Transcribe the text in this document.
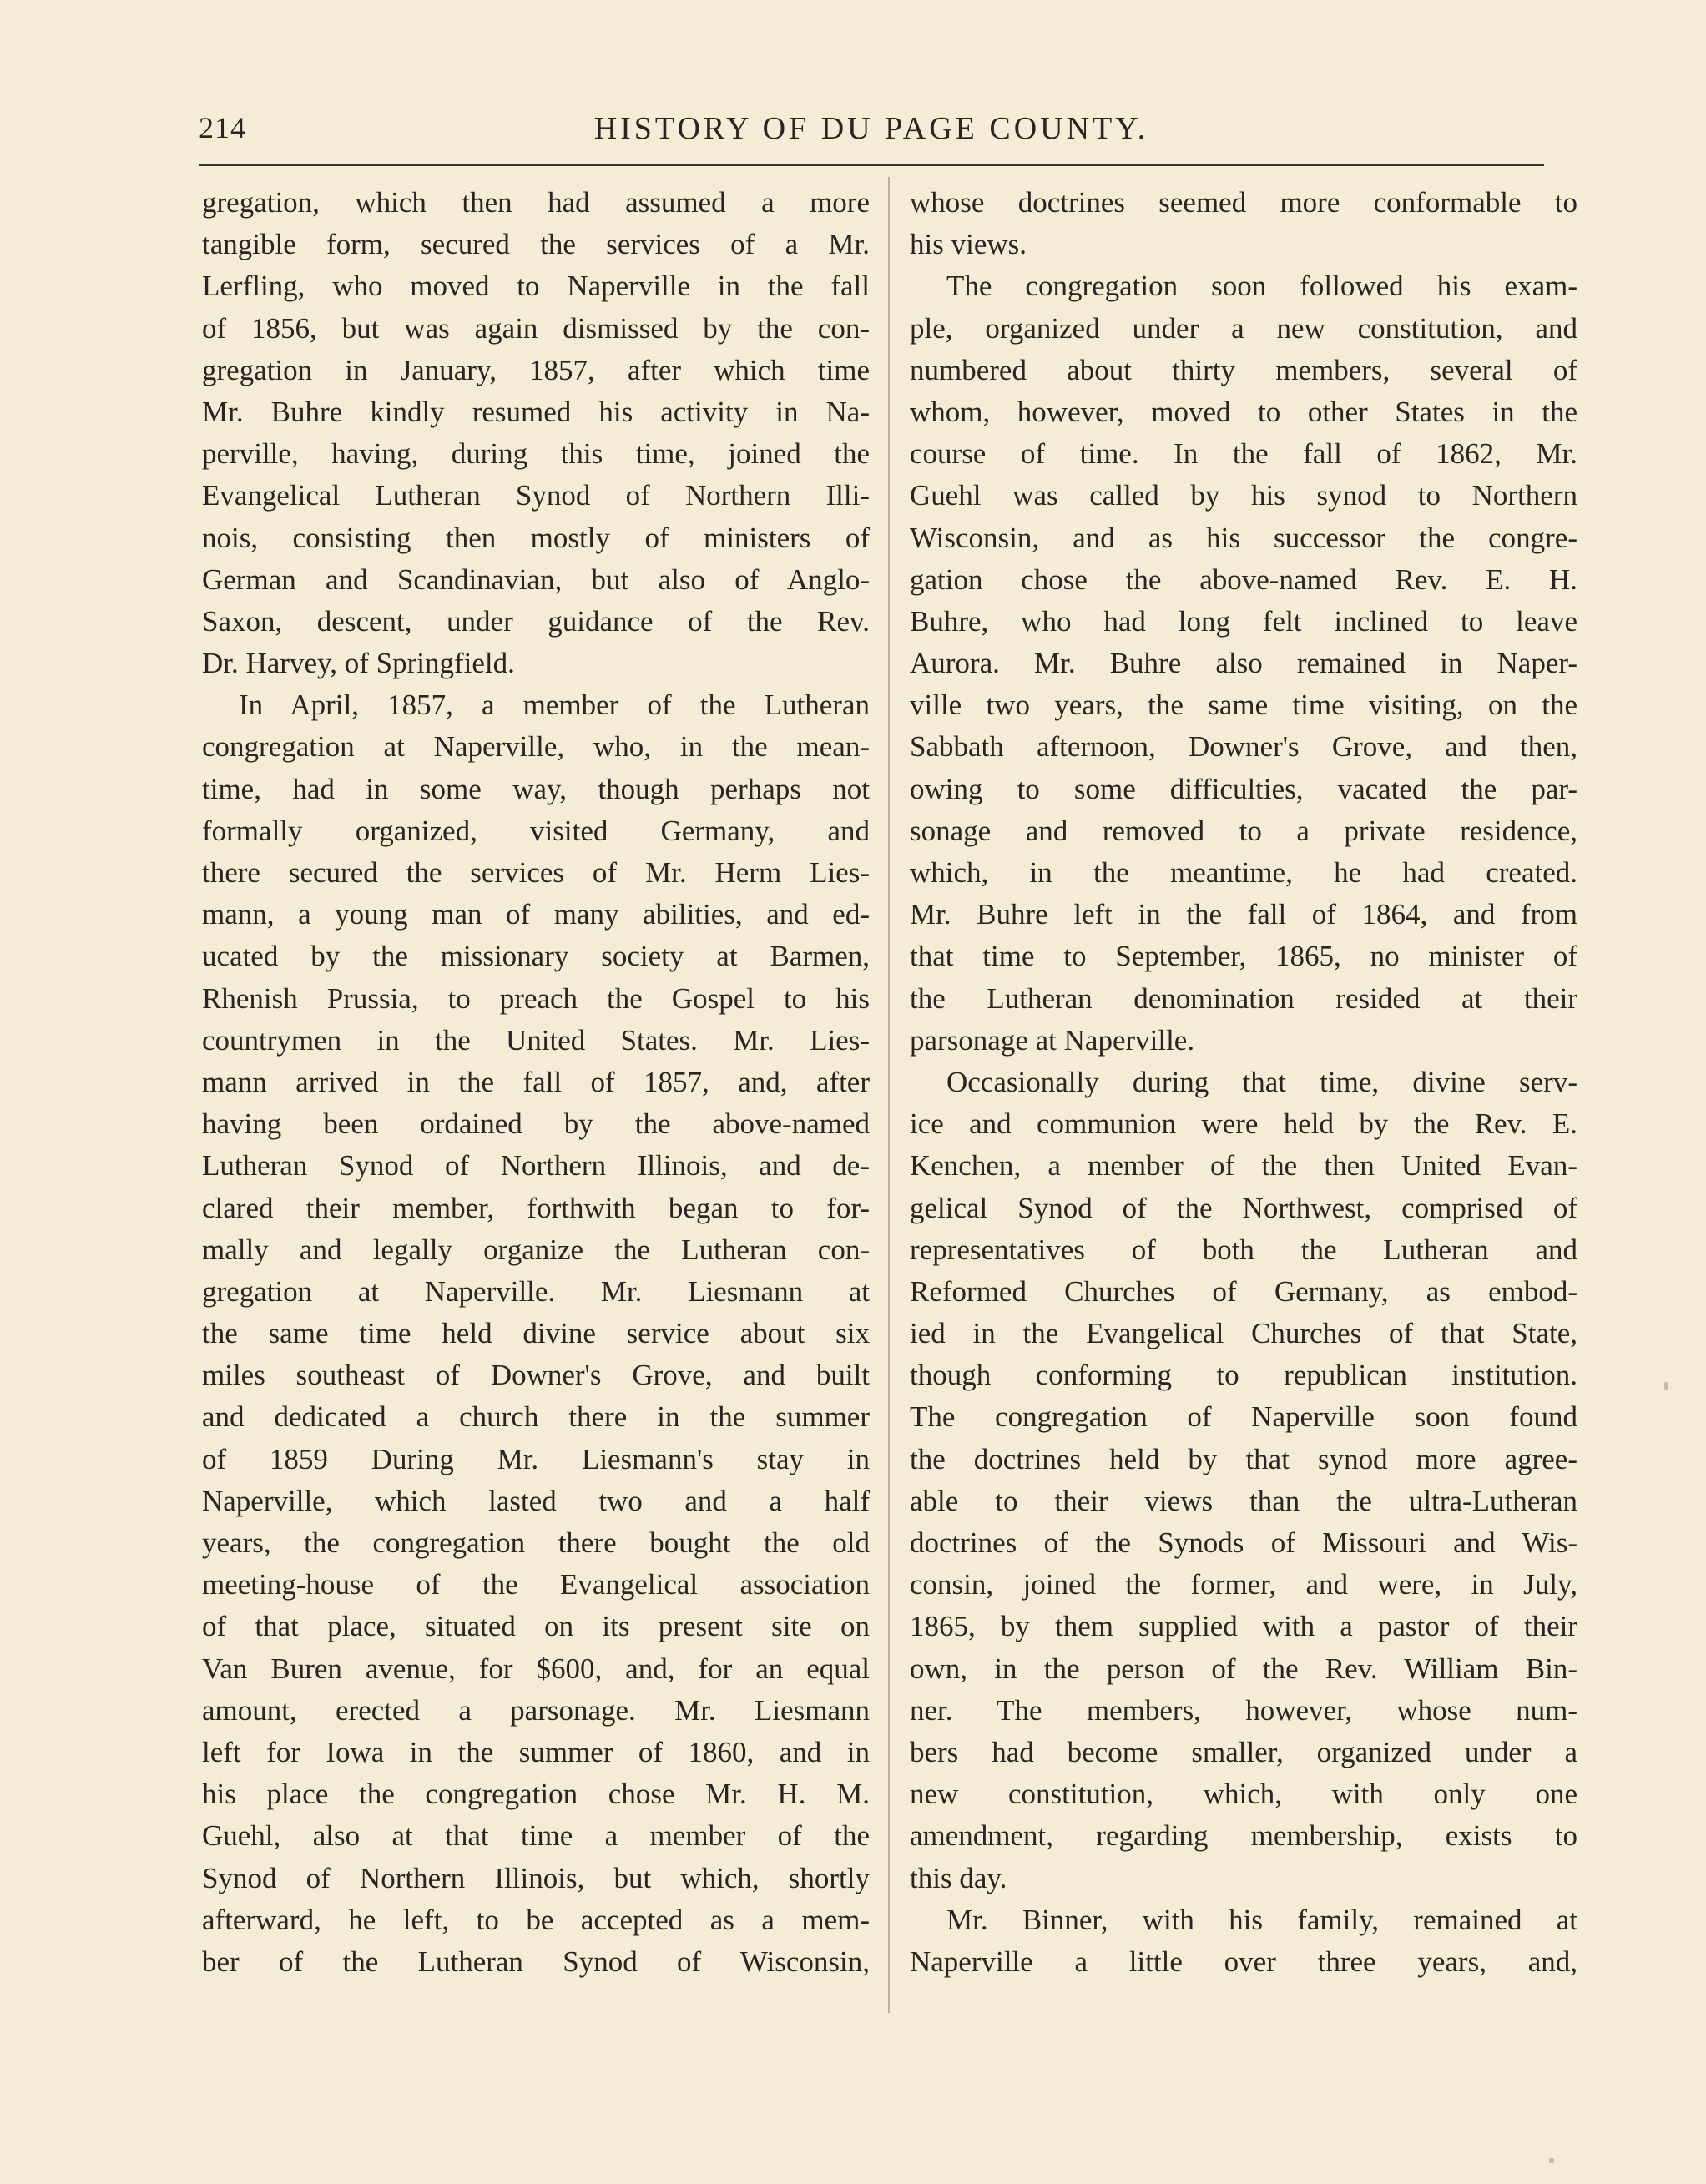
214	HISTORY OF DU PAGE COUNTY.
gregation, which then had assumed a more
tangible form, secured the services of a Mr.
Lerfling, who moved to Naperville in the fall
of 1856, but was again dismissed by the con-
gregation in January, 1857, after which time
Mr. Buhre kindly resumed his activity in Na-
perville, having, during this time, joined the
Evangelical Lutheran Synod of Northern Illi-
nois, consisting then mostly of ministers of
German and Scandinavian, but also of Anglo-
Saxon, descent, under guidance of the Rev.
Dr. Harvey, of Springfield.
In April, 1857, a member of the Lutheran
congregation at Naperville, who, in the mean-
time, had in some way, though perhaps not
formally organized, visited Germany, and
there secured the services of Mr. Herm Lies-
mann, a young man of many abilities, and ed-
ucated by the missionary society at Barmen,
Rhenish Prussia, to preach the Gospel to his
countrymen in the United States. Mr. Lies-
mann arrived in the fall of 1857, and, after
having been ordained by the above-named
Lutheran Synod of Northern Illinois, and de-
clared their member, forthwith began to for-
mally and legally organize the Lutheran con-
gregation at Naperville. Mr. Liesmann at
the same time held divine service about six
miles southeast of Downer's Grove, and built
and dedicated a church there in the summer
of 1859 During Mr. Liesmann's stay in
Naperville, which lasted two and a half
years, the congregation there bought the old
meeting-house of the Evangelical association
of that place, situated on its present site on
Van Buren avenue, for $600, and, for an equal
amount, erected a parsonage. Mr. Liesmann
left for Iowa in the summer of 1860, and in
his place the congregation chose Mr. H. M.
Guehl, also at that time a member of the
Synod of Northern Illinois, but which, shortly
afterward, he left, to be accepted as a mem-
ber of the Lutheran Synod of Wisconsin,
whose doctrines seemed more conformable to
his views.
The congregation soon followed his exam-
ple, organized under a new constitution, and
numbered about thirty members, several of
whom, however, moved to other States in the
course of time. In the fall of 1862, Mr.
Guehl was called by his synod to Northern
Wisconsin, and as his successor the congre-
gation chose the above-named Rev. E. H.
Buhre, who had long felt inclined to leave
Aurora. Mr. Buhre also remained in Naper-
ville two years, the same time visiting, on the
Sabbath afternoon, Downer's Grove, and then,
owing to some difficulties, vacated the par-
sonage and removed to a private residence,
which, in the meantime, he had created.
Mr. Buhre left in the fall of 1864, and from
that time to September, 1865, no minister of
the Lutheran denomination resided at their
parsonage at Naperville.
Occasionally during that time, divine serv-
ice and communion were held by the Rev. E.
Kenchen, a member of the then United Evan-
gelical Synod of the Northwest, comprised of
representatives of both the Lutheran and
Reformed Churches of Germany, as embod-
ied in the Evangelical Churches of that State,
though conforming to republican institution.
The congregation of Naperville soon found
the doctrines held by that synod more agree-
able to their views than the ultra-Lutheran
doctrines of the Synods of Missouri and Wis-
consin, joined the former, and were, in July,
1865, by them supplied with a pastor of their
own, in the person of the Rev. William Bin-
ner. The members, however, whose num-
bers had become smaller, organized under a
new constitution, which, with only one
amendment, regarding membership, exists to
this day.
Mr. Binner, with his family, remained at
Naperville a little over three years, and,
